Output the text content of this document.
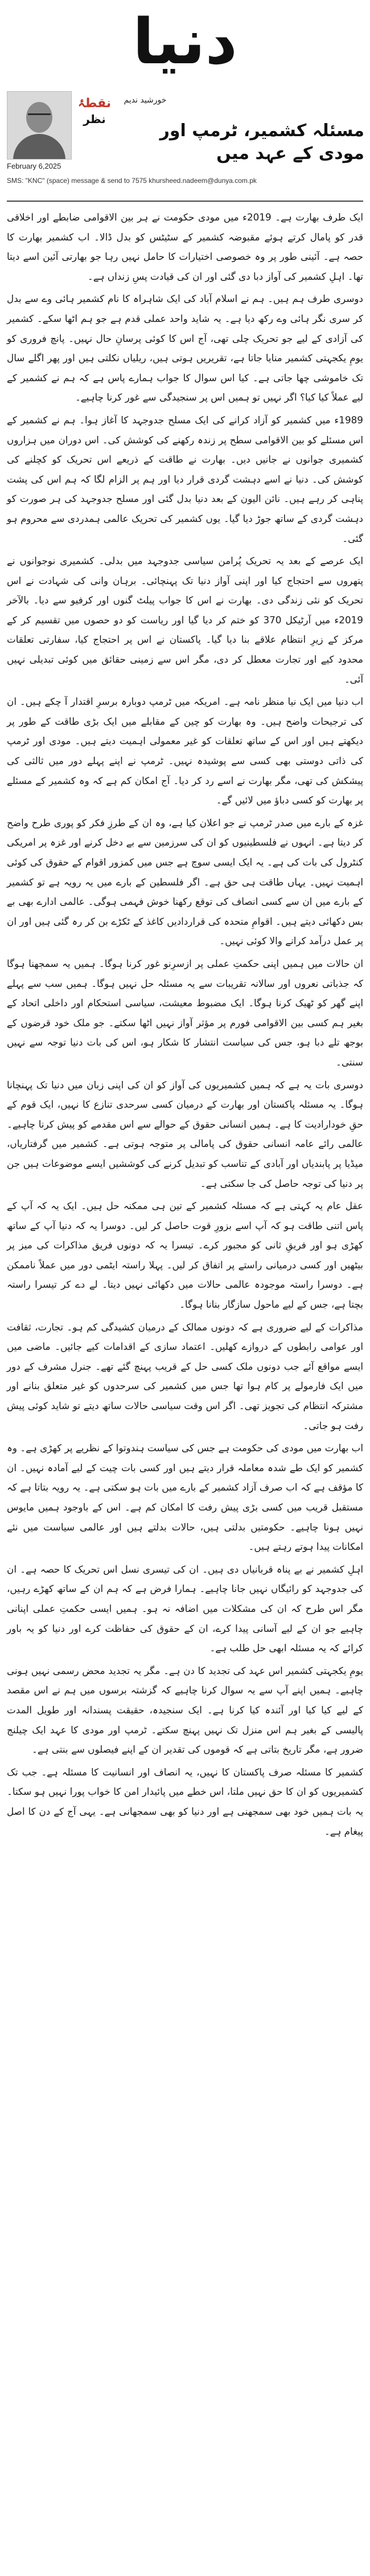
دنیا
نقطۂ
نظر
خورشید ندیم
مسئلہ کشمیر، ٹرمپ اور مودی کے عہد میں
February 6,2025
SMS: "KNC" (space) message & send to 7575 khursheed.nadeem@dunya.com.pk

ایک طرف بھارت ہے۔ 2019ء میں مودی حکومت نے ہر بین الاقوامی ضابطے اور اخلاقی قدر کو پامال کرتے ہوئے مقبوضہ کشمیر کے سٹیٹس کو بدل ڈالا۔ اب کشمیر بھارت کا حصہ ہے۔ آئینی طور پر وہ خصوصی اختیارات کا حامل نہیں رہا جو بھارتی آئین اسے دیتا تھا۔ اہلِ کشمیر کی آواز دبا دی گئی اور ان کی قیادت پسِ زنداں ہے۔

دوسری طرف ہم ہیں۔ ہم نے اسلام آباد کی ایک شاہراہ کا نام کشمیر ہائی وے سے بدل کر سری نگر ہائی وے رکھ دیا ہے۔ یہ شاید واحد عملی قدم ہے جو ہم اٹھا سکے۔ کشمیر کی آزادی کے لیے جو تحریک چلی تھی، آج اس کا کوئی پرسانِ حال نہیں۔ پانچ فروری کو یومِ یکجہتی کشمیر منایا جاتا ہے، تقریریں ہوتی ہیں، ریلیاں نکلتی ہیں اور پھر اگلے سال تک خاموشی چھا جاتی ہے۔ کیا اس سوال کا جواب ہمارے پاس ہے کہ ہم نے کشمیر کے لیے عملاً کیا کیا؟ اگر نہیں تو ہمیں اس پر سنجیدگی سے غور کرنا چاہیے۔

1989ء میں کشمیر کو آزاد کرانے کی ایک مسلح جدوجہد کا آغاز ہوا۔ ہم نے کشمیر کے اس مسئلے کو بین الاقوامی سطح پر زندہ رکھنے کی کوشش کی۔ اس دوران میں ہزاروں کشمیری جوانوں نے جانیں دیں۔ بھارت نے طاقت کے ذریعے اس تحریک کو کچلنے کی کوشش کی۔ دنیا نے اسے دہشت گردی قرار دیا اور ہم پر الزام لگا کہ ہم اس کی پشت پناہی کر رہے ہیں۔ نائن الیون کے بعد دنیا بدل گئی اور مسلح جدوجہد کی ہر صورت کو دہشت گردی کے ساتھ جوڑ دیا گیا۔ یوں کشمیر کی تحریک عالمی ہمدردی سے محروم ہو گئی۔

ایک عرصے کے بعد یہ تحریک پُرامن سیاسی جدوجہد میں بدلی۔ کشمیری نوجوانوں نے پتھروں سے احتجاج کیا اور اپنی آواز دنیا تک پہنچائی۔ برہان وانی کی شہادت نے اس تحریک کو نئی زندگی دی۔ بھارت نے اس کا جواب پیلٹ گنوں اور کرفیو سے دیا۔ بالآخر 2019ء میں آرٹیکل 370 کو ختم کر دیا گیا اور ریاست کو دو حصوں میں تقسیم کر کے مرکز کے زیرِ انتظام علاقے بنا دیا گیا۔ پاکستان نے اس پر احتجاج کیا، سفارتی تعلقات محدود کیے اور تجارت معطل کر دی، مگر اس سے زمینی حقائق میں کوئی تبدیلی نہیں آئی۔

اب دنیا میں ایک نیا منظر نامہ ہے۔ امریکہ میں ٹرمپ دوبارہ برسرِ اقتدار آ چکے ہیں۔ ان کی ترجیحات واضح ہیں۔ وہ بھارت کو چین کے مقابلے میں ایک بڑی طاقت کے طور پر دیکھتے ہیں اور اس کے ساتھ تعلقات کو غیر معمولی اہمیت دیتے ہیں۔ مودی اور ٹرمپ کی ذاتی دوستی بھی کسی سے پوشیدہ نہیں۔ ٹرمپ نے اپنے پہلے دور میں ثالثی کی پیشکش کی تھی، مگر بھارت نے اسے رد کر دیا۔ آج امکان کم ہے کہ وہ کشمیر کے مسئلے پر بھارت کو کسی دباؤ میں لائیں گے۔

غزہ کے بارے میں صدر ٹرمپ نے جو اعلان کیا ہے، وہ ان کے طرزِ فکر کو پوری طرح واضح کر دیتا ہے۔ انہوں نے فلسطینیوں کو ان کی سرزمین سے بے دخل کرنے اور غزہ پر امریکی کنٹرول کی بات کی ہے۔ یہ ایک ایسی سوچ ہے جس میں کمزور اقوام کے حقوق کی کوئی اہمیت نہیں۔ یہاں طاقت ہی حق ہے۔ اگر فلسطین کے بارے میں یہ رویہ ہے تو کشمیر کے بارے میں ان سے کسی انصاف کی توقع رکھنا خوش فہمی ہوگی۔ عالمی ادارے بھی بے بس دکھائی دیتے ہیں۔ اقوامِ متحدہ کی قراردادیں کاغذ کے ٹکڑے بن کر رہ گئی ہیں اور ان پر عمل درآمد کرانے والا کوئی نہیں۔

ان حالات میں ہمیں اپنی حکمتِ عملی پر ازسرِنو غور کرنا ہوگا۔ ہمیں یہ سمجھنا ہوگا کہ جذباتی نعروں اور سالانہ تقریبات سے یہ مسئلہ حل نہیں ہوگا۔ ہمیں سب سے پہلے اپنے گھر کو ٹھیک کرنا ہوگا۔ ایک مضبوط معیشت، سیاسی استحکام اور داخلی اتحاد کے بغیر ہم کسی بین الاقوامی فورم پر مؤثر آواز نہیں اٹھا سکتے۔ جو ملک خود قرضوں کے بوجھ تلے دبا ہو، جس کی سیاست انتشار کا شکار ہو، اس کی بات دنیا توجہ سے نہیں سنتی۔

دوسری بات یہ ہے کہ ہمیں کشمیریوں کی آواز کو ان کی اپنی زبان میں دنیا تک پہنچانا ہوگا۔ یہ مسئلہ پاکستان اور بھارت کے درمیان کسی سرحدی تنازع کا نہیں، ایک قوم کے حقِ خودارادیت کا ہے۔ ہمیں انسانی حقوق کے حوالے سے اس مقدمے کو پیش کرنا چاہیے۔ عالمی رائے عامہ انسانی حقوق کی پامالی پر متوجہ ہوتی ہے۔ کشمیر میں گرفتاریاں، میڈیا پر پابندیاں اور آبادی کے تناسب کو تبدیل کرنے کی کوششیں ایسے موضوعات ہیں جن پر دنیا کی توجہ حاصل کی جا سکتی ہے۔

عقل عام یہ کہتی ہے کہ مسئلہ کشمیر کے تین ہی ممکنہ حل ہیں۔ ایک یہ کہ آپ کے پاس اتنی طاقت ہو کہ آپ اسے بزورِ قوت حاصل کر لیں۔ دوسرا یہ کہ دنیا آپ کے ساتھ کھڑی ہو اور فریقِ ثانی کو مجبور کرے۔ تیسرا یہ کہ دونوں فریق مذاکرات کی میز پر بیٹھیں اور کسی درمیانی راستے پر اتفاق کر لیں۔ پہلا راستہ ایٹمی دور میں عملاً ناممکن ہے۔ دوسرا راستہ موجودہ عالمی حالات میں دکھائی نہیں دیتا۔ لے دے کر تیسرا راستہ بچتا ہے، جس کے لیے ماحول سازگار بنانا ہوگا۔

مذاکرات کے لیے ضروری ہے کہ دونوں ممالک کے درمیان کشیدگی کم ہو۔ تجارت، ثقافت اور عوامی رابطوں کے دروازے کھلیں۔ اعتماد سازی کے اقدامات کیے جائیں۔ ماضی میں ایسے مواقع آئے جب دونوں ملک کسی حل کے قریب پہنچ گئے تھے۔ جنرل مشرف کے دور میں ایک فارمولے پر کام ہوا تھا جس میں کشمیر کی سرحدوں کو غیر متعلق بنانے اور مشترکہ انتظام کی تجویز تھی۔ اگر اس وقت سیاسی حالات ساتھ دیتے تو شاید کوئی پیش رفت ہو جاتی۔

اب بھارت میں مودی کی حکومت ہے جس کی سیاست ہندوتوا کے نظریے پر کھڑی ہے۔ وہ کشمیر کو ایک طے شدہ معاملہ قرار دیتے ہیں اور کسی بات چیت کے لیے آمادہ نہیں۔ ان کا مؤقف ہے کہ اب صرف آزاد کشمیر کے بارے میں بات ہو سکتی ہے۔ یہ رویہ بتاتا ہے کہ مستقبل قریب میں کسی بڑی پیش رفت کا امکان کم ہے۔ اس کے باوجود ہمیں مایوس نہیں ہونا چاہیے۔ حکومتیں بدلتی ہیں، حالات بدلتے ہیں اور عالمی سیاست میں نئے امکانات پیدا ہوتے رہتے ہیں۔

اہلِ کشمیر نے بے پناہ قربانیاں دی ہیں۔ ان کی تیسری نسل اس تحریک کا حصہ ہے۔ ان کی جدوجہد کو رائیگاں نہیں جانا چاہیے۔ ہمارا فرض ہے کہ ہم ان کے ساتھ کھڑے رہیں، مگر اس طرح کہ ان کی مشکلات میں اضافہ نہ ہو۔ ہمیں ایسی حکمتِ عملی اپنانی چاہیے جو ان کے لیے آسانی پیدا کرے، ان کے حقوق کی حفاظت کرے اور دنیا کو یہ باور کرائے کہ یہ مسئلہ ابھی حل طلب ہے۔

یومِ یکجہتی کشمیر اس عہد کی تجدید کا دن ہے۔ مگر یہ تجدید محض رسمی نہیں ہونی چاہیے۔ ہمیں اپنے آپ سے یہ سوال کرنا چاہیے کہ گزشتہ برسوں میں ہم نے اس مقصد کے لیے کیا کیا اور آئندہ کیا کرنا ہے۔ ایک سنجیدہ، حقیقت پسندانہ اور طویل المدت پالیسی کے بغیر ہم اس منزل تک نہیں پہنچ سکتے۔ ٹرمپ اور مودی کا عہد ایک چیلنج ضرور ہے، مگر تاریخ بتاتی ہے کہ قوموں کی تقدیر ان کے اپنے فیصلوں سے بنتی ہے۔

کشمیر کا مسئلہ صرف پاکستان کا نہیں، یہ انصاف اور انسانیت کا مسئلہ ہے۔ جب تک کشمیریوں کو ان کا حق نہیں ملتا، اس خطے میں پائیدار امن کا خواب پورا نہیں ہو سکتا۔ یہ بات ہمیں خود بھی سمجھنی ہے اور دنیا کو بھی سمجھانی ہے۔ یہی آج کے دن کا اصل پیغام ہے۔
